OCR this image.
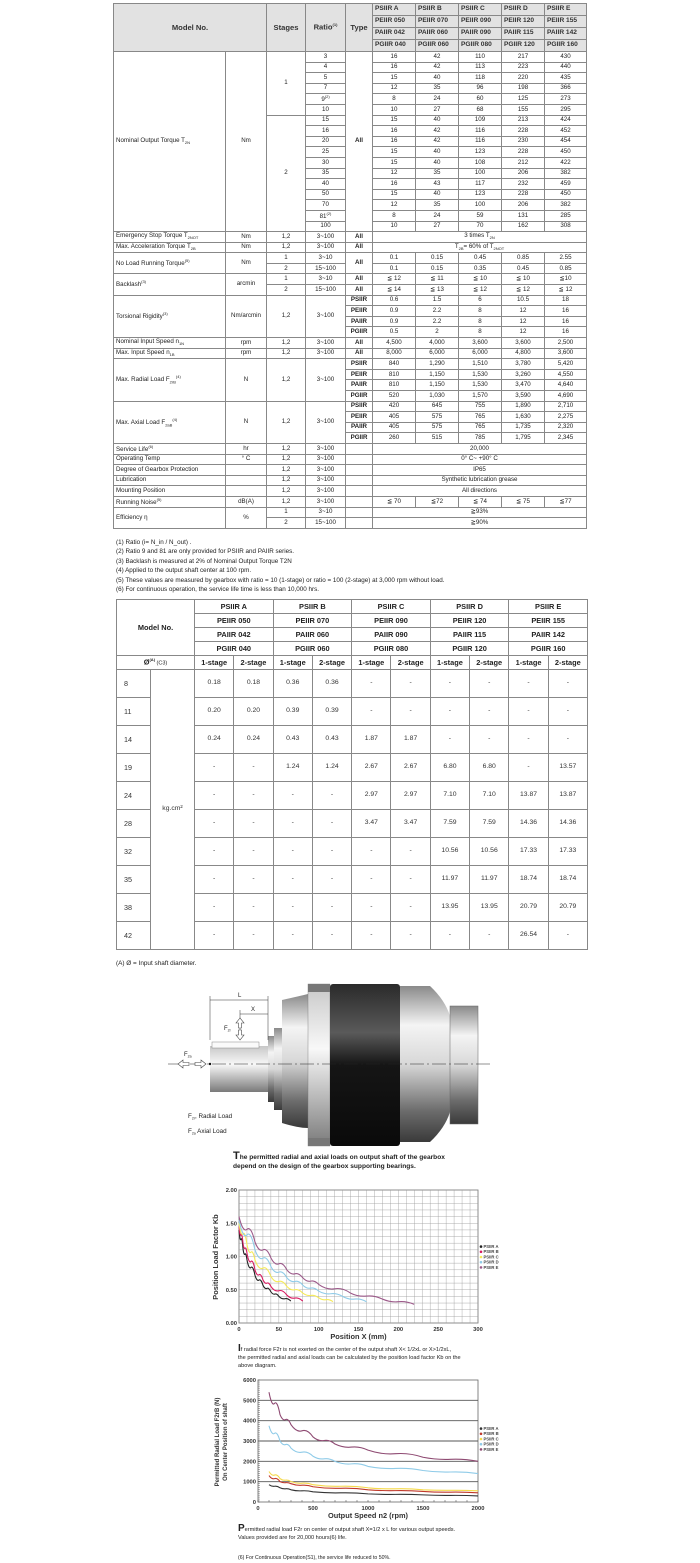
Model No.		Stages	Ratio$^{(1)}$	Type	PSIIR A	PSIIR B	PSIIR C	PSIIR D	PSIIR E
					PEIIR 050	PEIIR 070	PEIIR 090	PEIIR 120	PEIIR 155
					PAIIR 042	PAIIR 060	PAIIR 090	PAIIR 115	PAIIR 142
					PGIIR 040	PGIIR 060	PGIIR 080	PGIIR 120	PGIIR 160
Nominal Output Torque $T_{2N}$	Nm	1	3	All	16	42	110	217	430
			4		16	42	113	223	440
			5		15	40	118	220	435
			7		12	35	96	198	366
			9$^{(2)}$		8	24	60	125	273
			10		10	27	68	155	295
		2	15		15	40	109	213	424
			16		16	42	116	228	452
			20		16	42	116	230	454
			25		15	40	123	228	450
			30		15	40	108	212	422
			35		12	35	100	206	382
			40		16	43	117	232	459
			50		15	40	123	228	450
			70		12	35	100	206	382
			81$^{(2)}$		8	24	59	131	285
			100		10	27	70	162	308
Emergency Stop Torque $T_{2NOT}$	Nm	1,2	3~100	All	3 times $T_{2N}$
Max. Acceleration Torque $T_{2B}$	Nm	1,2	3~100	All	$T_{2B}= 60\%$ of $T_{2NOT}$
No Load Running Torque$^{(5)}$	Nm	1	3~10	All	0.1	0.15	0.45	0.85	2.55
		2	15~100		0.1	0.15	0.35	0.45	0.85
Backlash$^{(3)}$	arcmin	1	3~10	All	≦ 12	≦ 11	≦ 10	≦ 10	≦10
		2	15~100	All	≦ 14	≦ 13	≦ 12	≦ 12	≦ 12
Torsional Rigidity$^{(3)}$	Nm/arcmin	1,2	3~100	PSIIR	0.6	1.5	6	10.5	18
				PEIIR	0.9	2.2	8	12	16
				PAIIR	0.9	2.2	8	12	16
				PGIIR	0.5	2	8	12	16
Nominal Input Speed $n_{1N}$	rpm	1,2	3~100	All	4,500	4,000	3,600	3,600	2,500
Max. Input Speed $n_{1B}$	rpm	1,2	3~100	All	8,000	6,000	6,000	4,800	3,600
Max. Radial Load $F_{2rB}^{(4)}$	N	1,2	3~100	PSIIR	840	1,290	1,510	3,780	5,420
				PEIIR	810	1,150	1,530	3,260	4,550
				PAIIR	810	1,150	1,530	3,470	4,640
				PGIIR	520	1,030	1,570	3,590	4,690
Max. Axial Load $F_{2aB}^{(4)}$	N	1,2	3~100	PSIIR	420	645	755	1,890	2,710
				PEIIR	405	575	765	1,630	2,275
				PAIIR	405	575	765	1,735	2,320
				PGIIR	260	515	785	1,795	2,345
Service Life$^{(6)}$	hr	1,2	3~100		20,000				
Operating Temp	° C	1,2	3~100		0° C~ +90° C				
Degree of Gearbox Protection		1,2	3~100		IP65				
Lubrication		1,2	3~100		Synthetic lubrication grease				
Mounting Position		1,2	3~100		All directions				
Running Noise$^{(5)}$	dB(A)	1,2	3~100		≦ 70	≦72	≦ 74	≦ 75	≦77
Efficiency η	%	1	3~10		≧93%				
		2	15~100		≧90%				
(1) Ratio (i= N_in / N_out) .
(2) Ratio 9 and 81 are only provided for PSIIR and PAIIR series.
(3) Backlash is measured at 2% of Nominal Output Torque T2N
(4) Applied to the output shaft center at 100 rpm.
(5) These values are measured by gearbox with ratio = 10 (1-stage) or ratio = 100 (2-stage) at 3,000 rpm without load.
(6) For continuous operation, the service life time is less than 10,000 hrs.
Model No.		PSIIR A		PSIIR B		PSIIR C		PSIIR D		PSIIR E	
		PEIIR 050		PEIIR 070		PEIIR 090		PEIIR 120		PEIIR 155	
		PAIIR 042		PAIIR 060		PAIIR 090		PAIIR 115		PAIIR 142	
		PGIIR 040		PGIIR 060		PGIIR 080		PGIIR 120		PGIIR 160	
$Ø^{(A)}$ (C3)		1-stage	2-stage	1-stage	2-stage	1-stage	2-stage	1-stage	2-stage	1-stage	2-stage
8	kg.cm²	0.18	0.18	0.36	0.36	-	-	-	-	-	-
11		0.20	0.20	0.39	0.39	-	-	-	-	-	-
14		0.24	0.24	0.43	0.43	1.87	1.87	-	-	-	-
19		-	-	1.24	1.24	2.67	2.67	6.80	6.80	-	13.57
24		-	-	-	-	2.97	2.97	7.10	7.10	13.87	13.87
28		-	-	-	-	3.47	3.47	7.59	7.59	14.36	14.36
32		-	-	-	-	-	-	10.56	10.56	17.33	17.33
35		-	-	-	-	-	-	11.97	11.97	18.74	18.74
38		-	-	-	-	-	-	13.95	13.95	20.79	20.79
42		-	-	-	-	-	-	-	-	26.54	-
(A) Ø = Input shaft diameter.
L
X
$F_{2r}$
$F_{2a}$
$F_{2r}$, Radial Load
$F_{2a}$ Axial Load
The permitted radial and axial loads on output shaft of the gearbox
depend on the design of the gearbox supporting bearings.
0	50	100	150	200	250	300
0.00
0.50
1.00
1.50
2.00
PSIIR A
PSIIR B
PSIIR C
PSIIR D
PSIIR E
Position X (mm)
Position Load Factor Kb
If radial force F2r is not exerted on the center of the output shaft X< 1/2xL or X>1/2xL,
the permitted radial and axial loads can be calculated by the position load factor Kb on the
above diagram.
0	500	1000	1500	2000
0
1000
2000
3000
4000
5000
6000
PSIIR A
PSIIR B
PSIIR C
PSIIR D
PSIIR E
Output Speed n2 (rpm)
Permitted Radial Load F2rB (N) On Center Position of shaft
Permitted radial load F2r on center of output shaft X=1/2 x L for various output speeds.
Values provided are for 20,000 hours(6) life.
(6) For Continuous Operation(S1), the service life reduced to 50%.
